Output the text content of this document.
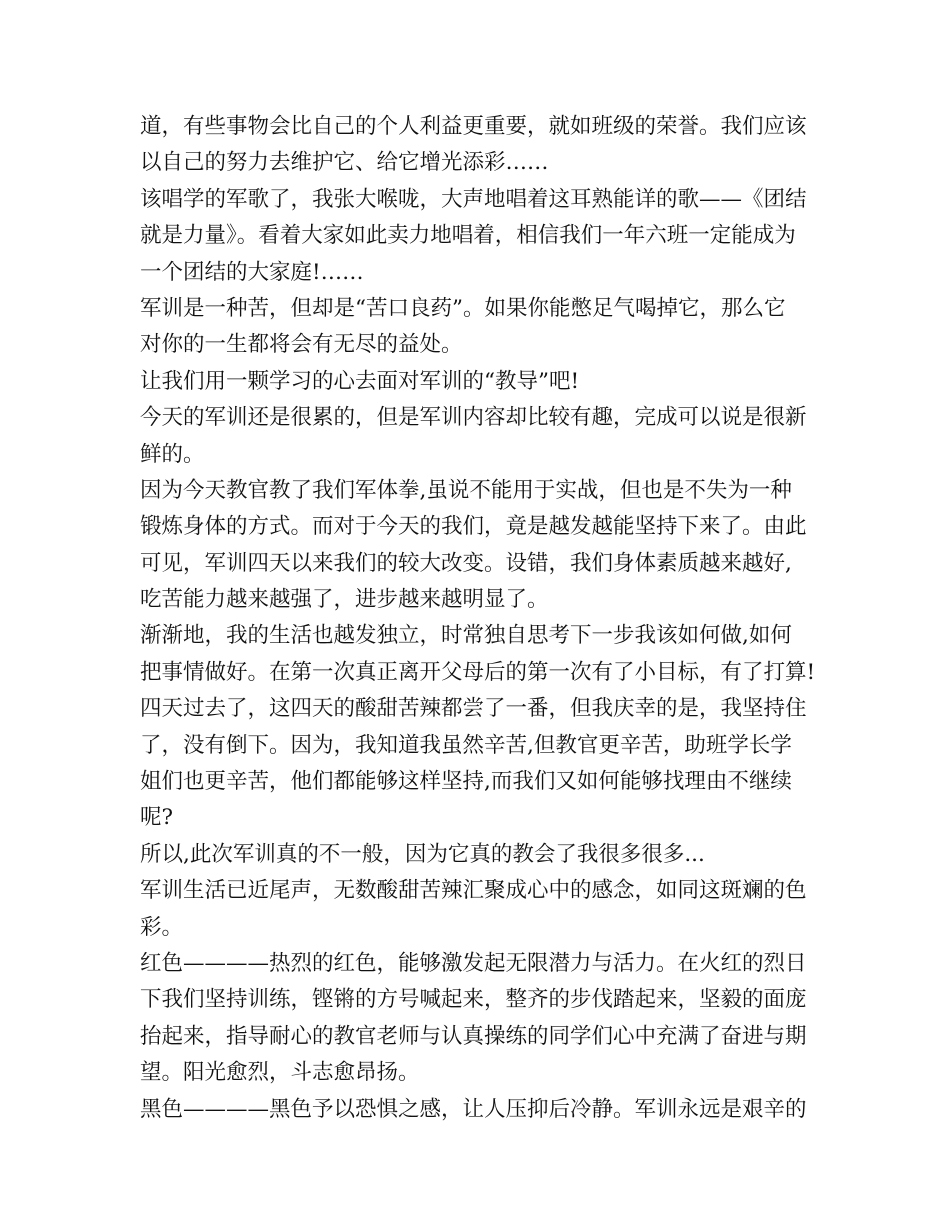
道，有些事物会比自己的个人利益更重要，就如班级的荣誉。我们应该
以自己的努力去维护它、给它增光添彩……
该唱学的军歌了，我张大喉咙，大声地唱着这耳熟能详的歌——《团结
就是力量》。看着大家如此卖力地唱着，相信我们一年六班一定能成为
一个团结的大家庭!……
军训是一种苦，但却是“苦口良药”。如果你能憋足气喝掉它，那么它
对你的一生都将会有无尽的益处。
让我们用一颗学习的心去面对军训的“教导”吧!
今天的军训还是很累的，但是军训内容却比较有趣，完成可以说是很新
鲜的。
因为今天教官教了我们军体拳,虽说不能用于实战，但也是不失为一种
锻炼身体的方式。而对于今天的我们，竟是越发越能坚持下来了。由此
可见，军训四天以来我们的较大改变。设错，我们身体素质越来越好,
吃苦能力越来越强了，进步越来越明显了。
渐渐地，我的生活也越发独立，时常独自思考下一步我该如何做,如何
把事情做好。在第一次真正离开父母后的第一次有了小目标，有了打算!
四天过去了，这四天的酸甜苦辣都尝了一番，但我庆幸的是，我坚持住
了，没有倒下。因为，我知道我虽然辛苦,但教官更辛苦，助班学长学
姐们也更辛苦，他们都能够这样坚持,而我们又如何能够找理由不继续
呢?
所以,此次军训真的不一般，因为它真的教会了我很多很多...
军训生活已近尾声，无数酸甜苦辣汇聚成心中的感念，如同这斑斓的色
彩。
红色————热烈的红色，能够激发起无限潜力与活力。在火红的烈日
下我们坚持训练，铿锵的方号喊起来，整齐的步伐踏起来，坚毅的面庞
抬起来，指导耐心的教官老师与认真操练的同学们心中充满了奋进与期
望。阳光愈烈，斗志愈昂扬。
黑色————黑色予以恐惧之感，让人压抑后冷静。军训永远是艰辛的
